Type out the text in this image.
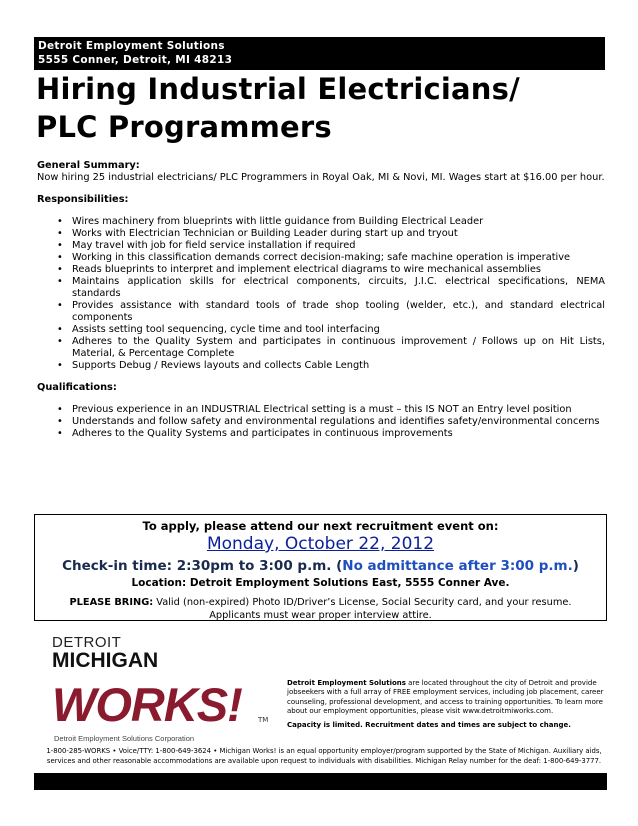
Detroit Employment Solutions
5555 Conner, Detroit, MI 48213
Hiring Industrial Electricians/
PLC Programmers
General Summary:
Now hiring 25 industrial electricians/ PLC Programmers in Royal Oak, MI & Novi, MI. Wages start at $16.00 per hour.
Responsibilities:
• Wires machinery from blueprints with little guidance from Building Electrical Leader
• Works with Electrician Technician or Building Leader during start up and tryout
• May travel with job for field service installation if required
• Working in this classification demands correct decision-making; safe machine operation is imperative
• Reads blueprints to interpret and implement electrical diagrams to wire mechanical assemblies
• Maintains application skills for electrical components, circuits, J.I.C. electrical specifications, NEMA standards
• Provides assistance with standard tools of trade shop tooling (welder, etc.), and standard electrical components
• Assists setting tool sequencing, cycle time and tool interfacing
• Adheres to the Quality System and participates in continuous improvement / Follows up on Hit Lists, Material, & Percentage Complete
• Supports Debug / Reviews layouts and collects Cable Length
Qualifications:
• Previous experience in an INDUSTRIAL Electrical setting is a must – this IS NOT an Entry level position
• Understands and follow safety and environmental regulations and identifies safety/environmental concerns
• Adheres to the Quality Systems and participates in continuous improvements
To apply, please attend our next recruitment event on:
Monday, October 22, 2012
Check-in time: 2:30pm to 3:00 p.m. (No admittance after 3:00 p.m.)
Location: Detroit Employment Solutions East, 5555 Conner Ave.
PLEASE BRING: Valid (non-expired) Photo ID/Driver’s License, Social Security card, and your resume.
Applicants must wear proper interview attire.
DETROIT
MICHIGAN
WORKS! TM
Detroit Employment Solutions Corporation

Detroit Employment Solutions are located throughout the city of Detroit and provide jobseekers with a full array of FREE employment services, including job placement, career counseling, professional development, and access to training opportunities. To learn more about our employment opportunities, please visit www.detroitmiworks.com.

Capacity is limited. Recruitment dates and times are subject to change.

1-800-285-WORKS • Voice/TTY: 1-800-649-3624 • Michigan Works! is an equal opportunity employer/program supported by the State of Michigan. Auxiliary aids, services and other reasonable accommodations are available upon request to individuals with disabilities. Michigan Relay number for the deaf: 1-800-649-3777.
